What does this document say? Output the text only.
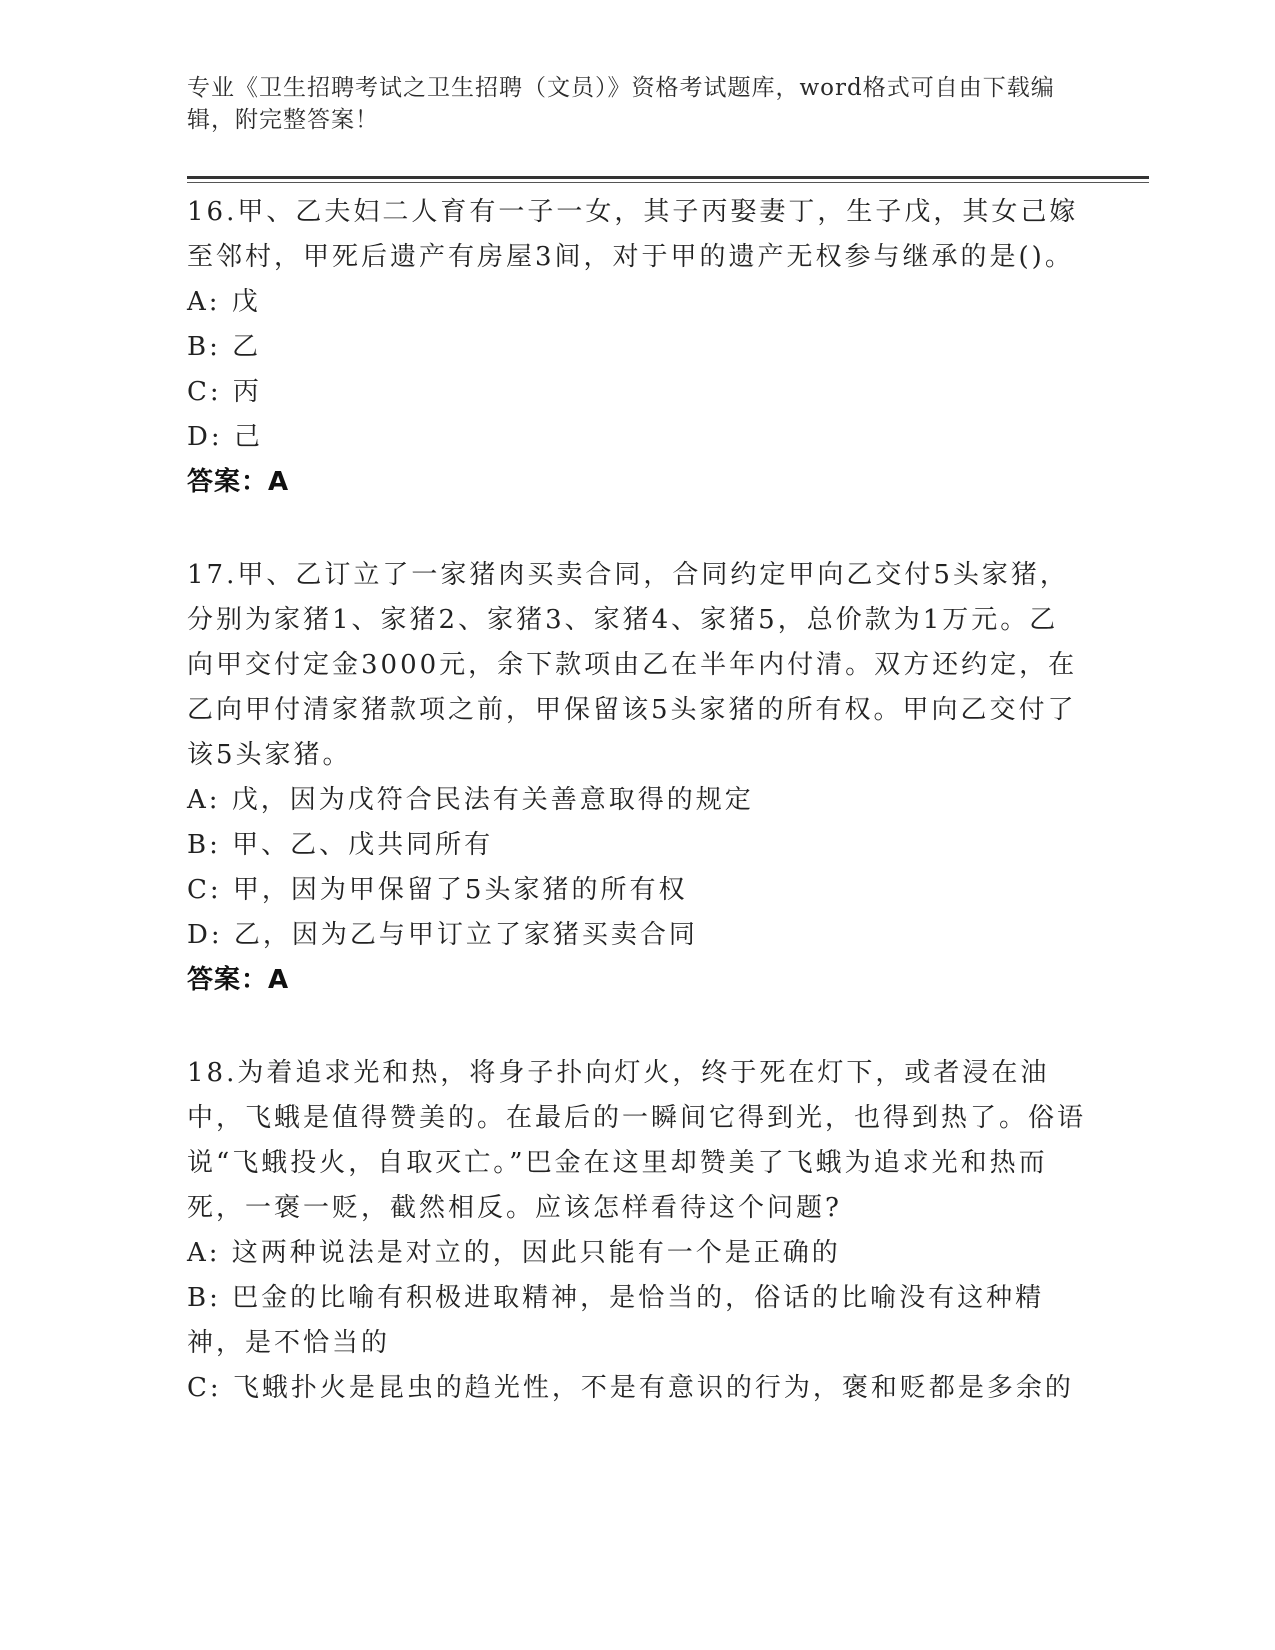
专业《卫生招聘考试之卫生招聘（文员）》资格考试题库，word格式可自由下载编辑，附完整答案！

16.甲、乙夫妇二人育有一子一女，其子丙娶妻丁，生子戊，其女己嫁至邻村，甲死后遗产有房屋3间，对于甲的遗产无权参与继承的是()。

A: 戊

B: 乙

C: 丙

D: 己

答案：A

17.甲、乙订立了一家猪肉买卖合同，合同约定甲向乙交付5头家猪，分别为家猪1、家猪2、家猪3、家猪4、家猪5，总价款为1万元。乙向甲交付定金3000元，余下款项由乙在半年内付清。双方还约定，在乙向甲付清家猪款项之前，甲保留该5头家猪的所有权。甲向乙交付了该5头家猪。

A: 戊，因为戊符合民法有关善意取得的规定

B: 甲、乙、戊共同所有

C: 甲，因为甲保留了5头家猪的所有权

D: 乙，因为乙与甲订立了家猪买卖合同

答案：A

18.为着追求光和热，将身子扑向灯火，终于死在灯下，或者浸在油中，飞蛾是值得赞美的。在最后的一瞬间它得到光，也得到热了。俗语说“飞蛾投火，自取灭亡。”巴金在这里却赞美了飞蛾为追求光和热而死，一褒一贬，截然相反。应该怎样看待这个问题?

A: 这两种说法是对立的，因此只能有一个是正确的

B: 巴金的比喻有积极进取精神，是恰当的，俗话的比喻没有这种精神，是不恰当的

C: 飞蛾扑火是昆虫的趋光性，不是有意识的行为，褒和贬都是多余的
